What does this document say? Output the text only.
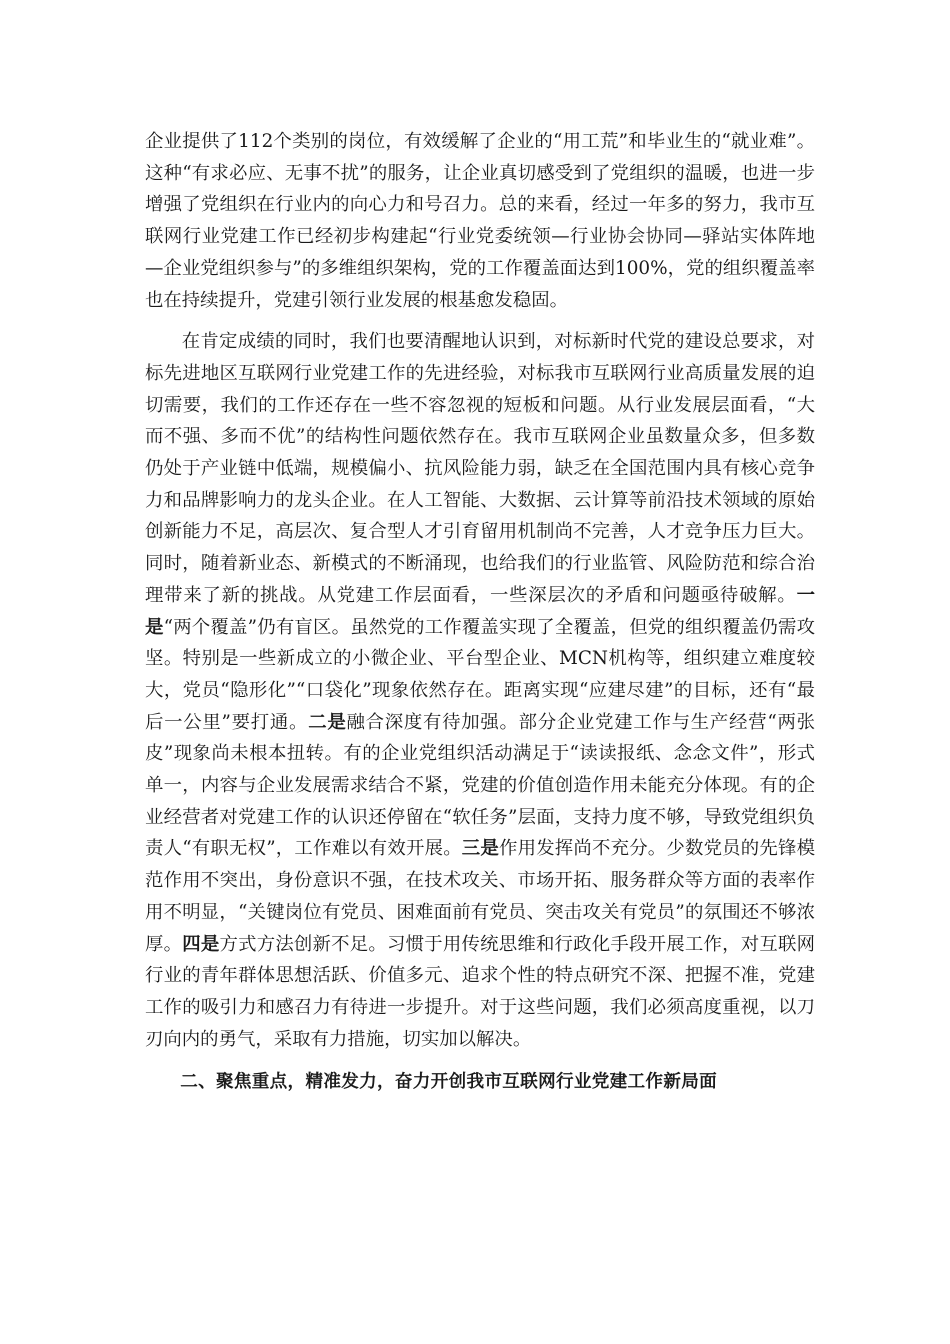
企业提供了112个类别的岗位，有效缓解了企业的“用工荒”和毕业生的“就业难”。这种“有求必应、无事不扰”的服务，让企业真切感受到了党组织的温暖，也进一步增强了党组织在行业内的向心力和号召力。总的来看，经过一年多的努力，我市互联网行业党建工作已经初步构建起“行业党委统领—行业协会协同—驿站实体阵地—企业党组织参与”的多维组织架构，党的工作覆盖面达到100%，党的组织覆盖率也在持续提升，党建引领行业发展的根基愈发稳固。

在肯定成绩的同时，我们也要清醒地认识到，对标新时代党的建设总要求，对标先进地区互联网行业党建工作的先进经验，对标我市互联网行业高质量发展的迫切需要，我们的工作还存在一些不容忽视的短板和问题。从行业发展层面看，“大而不强、多而不优”的结构性问题依然存在。我市互联网企业虽数量众多，但多数仍处于产业链中低端，规模偏小、抗风险能力弱，缺乏在全国范围内具有核心竞争力和品牌影响力的龙头企业。在人工智能、大数据、云计算等前沿技术领域的原始创新能力不足，高层次、复合型人才引育留用机制尚不完善，人才竞争压力巨大。同时，随着新业态、新模式的不断涌现，也给我们的行业监管、风险防范和综合治理带来了新的挑战。从党建工作层面看，一些深层次的矛盾和问题亟待破解。一是“两个覆盖”仍有盲区。虽然党的工作覆盖实现了全覆盖，但党的组织覆盖仍需攻坚。特别是一些新成立的小微企业、平台型企业、MCN机构等，组织建立难度较大，党员“隐形化”“口袋化”现象依然存在。距离实现“应建尽建”的目标，还有“最后一公里”要打通。二是融合深度有待加强。部分企业党建工作与生产经营“两张皮”现象尚未根本扭转。有的企业党组织活动满足于“读读报纸、念念文件”，形式单一，内容与企业发展需求结合不紧，党建的价值创造作用未能充分体现。有的企业经营者对党建工作的认识还停留在“软任务”层面，支持力度不够，导致党组织负责人“有职无权”，工作难以有效开展。三是作用发挥尚不充分。少数党员的先锋模范作用不突出，身份意识不强，在技术攻关、市场开拓、服务群众等方面的表率作用不明显，“关键岗位有党员、困难面前有党员、突击攻关有党员”的氛围还不够浓厚。四是方式方法创新不足。习惯于用传统思维和行政化手段开展工作，对互联网行业的青年群体思想活跃、价值多元、追求个性的特点研究不深、把握不准，党建工作的吸引力和感召力有待进一步提升。对于这些问题，我们必须高度重视，以刀刃向内的勇气，采取有力措施，切实加以解决。

二、聚焦重点，精准发力，奋力开创我市互联网行业党建工作新局面
